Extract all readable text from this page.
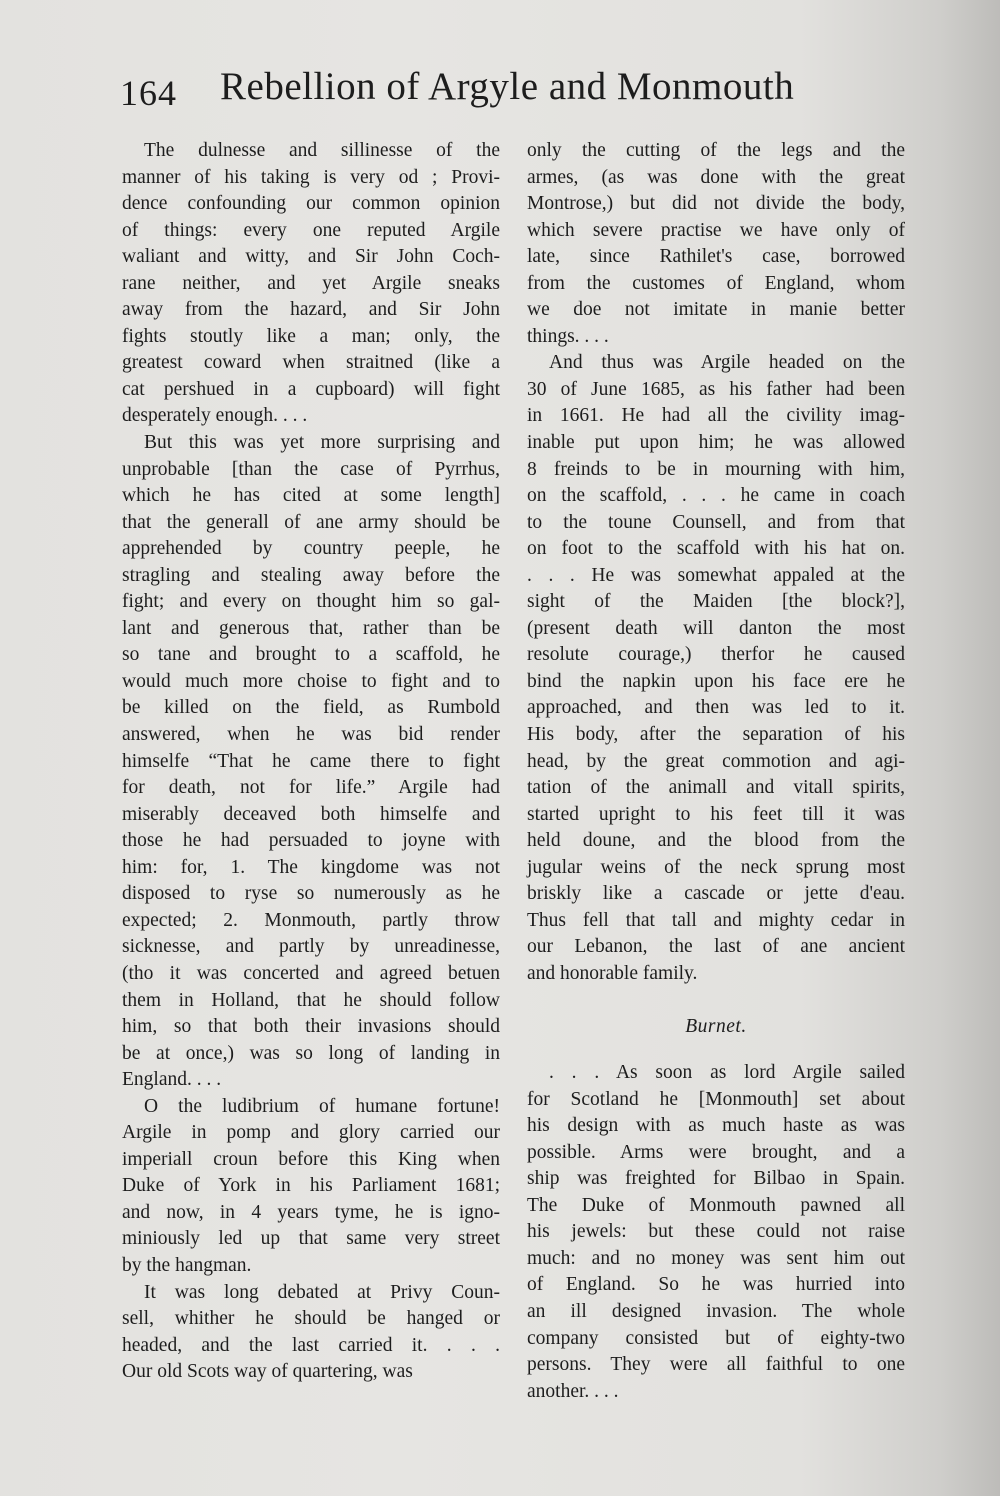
164 Rebellion of Argyle and Monmouth
The dulnesse and sillinesse of the
manner of his taking is very od ; Provi-
dence confounding our common opinion
of things: every one reputed Argile
waliant and witty, and Sir John Coch-
rane neither, and yet Argile sneaks
away from the hazard, and Sir John
fights stoutly like a man; only, the
greatest coward when straitned (like a
cat pershued in a cupboard) will fight
desperately enough. . . .
But this was yet more surprising and
unprobable [than the case of Pyrrhus,
which he has cited at some length]
that the generall of ane army should be
apprehended by country peeple, he
stragling and stealing away before the
fight; and every on thought him so gal-
lant and generous that, rather than be
so tane and brought to a scaffold, he
would much more choise to fight and to
be killed on the field, as Rumbold
answered, when he was bid render
himselfe “That he came there to fight
for death, not for life.” Argile had
miserably deceaved both himselfe and
those he had persuaded to joyne with
him: for, 1. The kingdome was not
disposed to ryse so numerously as he
expected; 2. Monmouth, partly throw
sicknesse, and partly by unreadinesse,
(tho it was concerted and agreed betuen
them in Holland, that he should follow
him, so that both their invasions should
be at once,) was so long of landing in
England. . . .
O the ludibrium of humane fortune!
Argile in pomp and glory carried our
imperiall croun before this King when
Duke of York in his Parliament 1681;
and now, in 4 years tyme, he is igno-
miniously led up that same very street
by the hangman.
It was long debated at Privy Coun-
sell, whither he should be hanged or
headed, and the last carried it. . . .
Our old Scots way of quartering, was
only the cutting of the legs and the
armes, (as was done with the great
Montrose,) but did not divide the body,
which severe practise we have only of
late, since Rathilet's case, borrowed
from the customes of England, whom
we doe not imitate in manie better
things. . . .
And thus was Argile headed on the
30 of June 1685, as his father had been
in 1661. He had all the civility imag-
inable put upon him; he was allowed
8 freinds to be in mourning with him,
on the scaffold, . . . he came in coach
to the toune Counsell, and from that
on foot to the scaffold with his hat on.
. . . He was somewhat appaled at the
sight of the Maiden [the block?],
(present death will danton the most
resolute courage,) therfor he caused
bind the napkin upon his face ere he
approached, and then was led to it.
His body, after the separation of his
head, by the great commotion and agi-
tation of the animall and vitall spirits,
started upright to his feet till it was
held doune, and the blood from the
jugular weins of the neck sprung most
briskly like a cascade or jette d'eau.
Thus fell that tall and mighty cedar in
our Lebanon, the last of ane ancient
and honorable family.
Burnet.
. . . As soon as lord Argile sailed
for Scotland he [Monmouth] set about
his design with as much haste as was
possible. Arms were brought, and a
ship was freighted for Bilbao in Spain.
The Duke of Monmouth pawned all
his jewels: but these could not raise
much: and no money was sent him out
of England. So he was hurried into
an ill designed invasion. The whole
company consisted but of eighty-two
persons. They were all faithful to one
another. . . .
